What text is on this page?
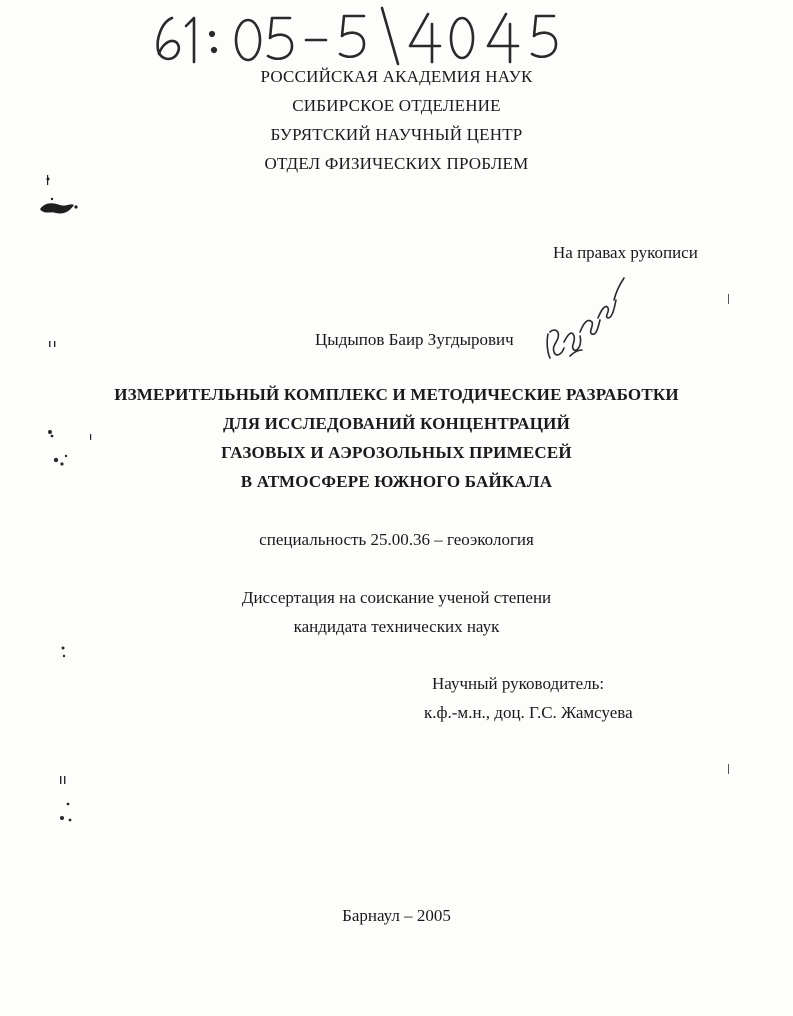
РОССИЙСКАЯ АКАДЕМИЯ НАУК
СИБИРСКОЕ ОТДЕЛЕНИЕ
БУРЯТСКИЙ НАУЧНЫЙ ЦЕНТР
ОТДЕЛ ФИЗИЧЕСКИХ ПРОБЛЕМ
На правах рукописи
Цыдыпов Баир Зугдырович
ИЗМЕРИТЕЛЬНЫЙ КОМПЛЕКС И МЕТОДИЧЕСКИЕ РАЗРАБОТКИ
ДЛЯ ИССЛЕДОВАНИЙ КОНЦЕНТРАЦИЙ
ГАЗОВЫХ И АЭРОЗОЛЬНЫХ ПРИМЕСЕЙ
В АТМОСФЕРЕ ЮЖНОГО БАЙКАЛА
специальность 25.00.36 – геоэкология
Диссертация на соискание ученой степени
кандидата технических наук
Научный руководитель:
к.ф.-м.н., доц. Г.С. Жамсуева
Барнаул – 2005
